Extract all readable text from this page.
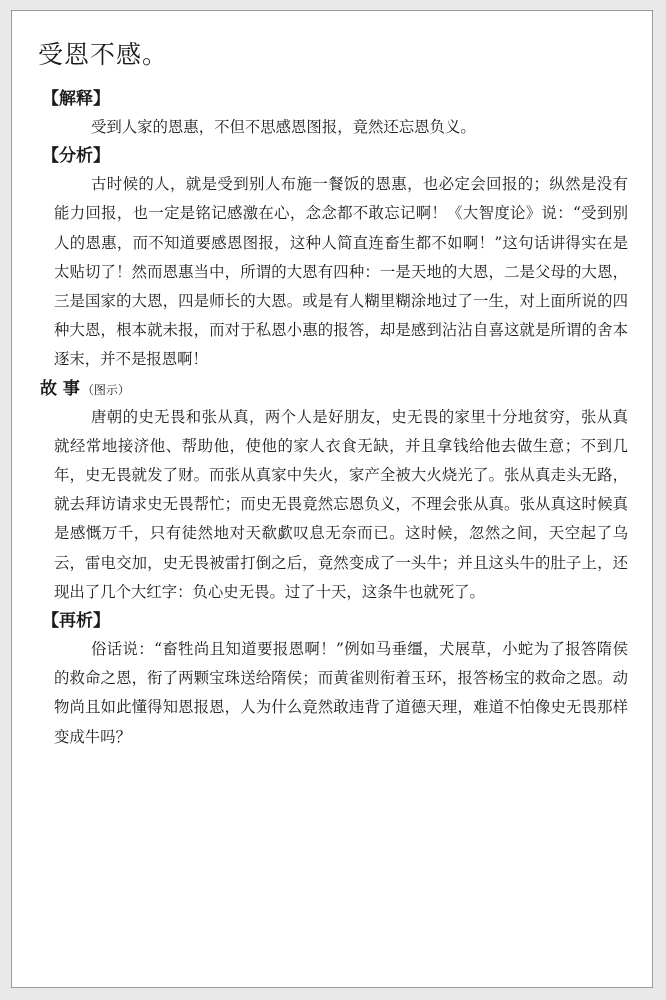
受恩不感。
【解释】

受到人家的恩惠，不但不思感恩图报，竟然还忘恩负义。

【分析】

古时候的人，就是受到别人布施一餐饭的恩惠，也必定会回报的；纵然是没有能力回报，也一定是铭记感激在心，念念都不敢忘记啊！《大智度论》说：“受到别人的恩惠，而不知道要感恩图报，这种人简直连畜生都不如啊！”这句话讲得实在是太贴切了！然而恩惠当中，所谓的大恩有四种：一是天地的大恩，二是父母的大恩，三是国家的大恩，四是师长的大恩。或是有人糊里糊涂地过了一生，对上面所说的四种大恩，根本就未报，而对于私恩小惠的报答，却是感到沾沾自喜这就是所谓的舍本逐末，并不是报恩啊！

故 事 （图示）

唐朝的史无畏和张从真，两个人是好朋友，史无畏的家里十分地贫穷，张从真就经常地接济他、帮助他，使他的家人衣食无缺，并且拿钱给他去做生意；不到几年，史无畏就发了财。而张从真家中失火，家产全被大火烧光了。张从真走头无路，就去拜访请求史无畏帮忙；而史无畏竟然忘恩负义，不理会张从真。张从真这时候真是感慨万千，只有徒然地对天欷歔叹息无奈而已。这时候，忽然之间，天空起了乌云，雷电交加，史无畏被雷打倒之后，竟然变成了一头牛；并且这头牛的肚子上，还现出了几个大红字：负心史无畏。过了十天，这条牛也就死了。

【再析】

俗话说：“畜牲尚且知道要报恩啊！”例如马垂缰，犬展草，小蛇为了报答隋侯的救命之恩，衔了两颗宝珠送给隋侯；而黄雀则衔着玉环，报答杨宝的救命之恩。动物尚且如此懂得知恩报恩，人为什么竟然敢违背了道德天理，难道不怕像史无畏那样变成牛吗？
